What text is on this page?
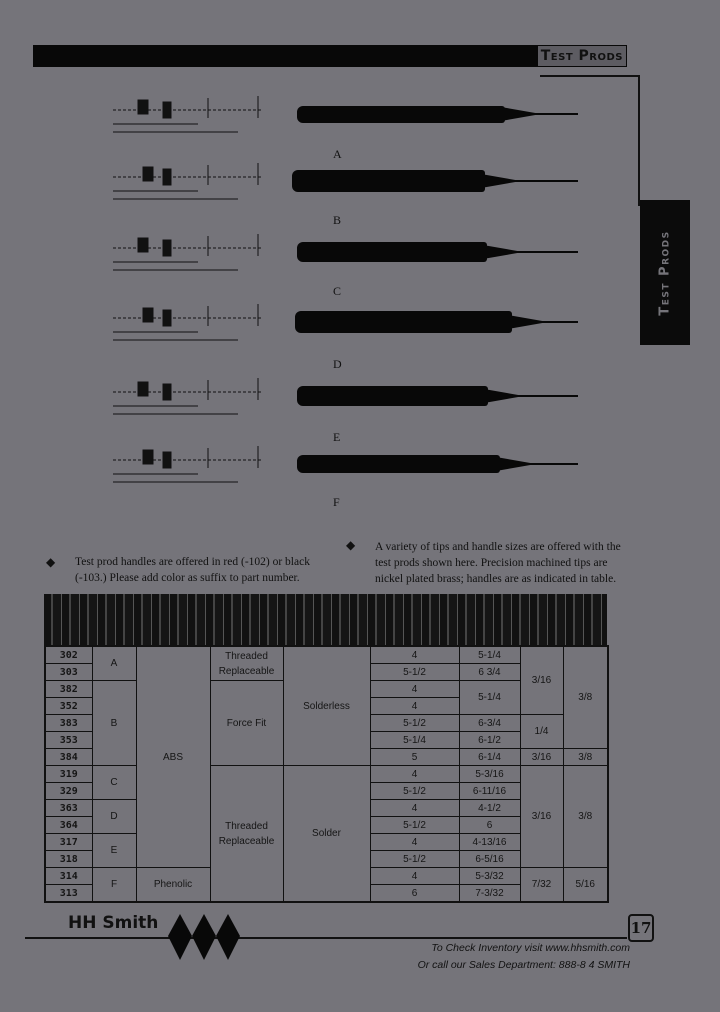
Test Prods
Test Prods
A
B
C
D
E
F
◆ Test prod handles are offered in red (-102) or black
(-103.) Please add color as suffix to part number.
◆ A variety of tips and handle sizes are offered with the
test prods shown here. Precision machined tips are
nickel plated brass; handles are as indicated in table.
302	A	ABS	Threaded Replaceable	Solderless	4	5-1/4	3/16	3/8
303					5-1/2	6 3/4		
382	B		Force Fit		4	5-1/4		
352					4			
383					5-1/2	6-3/4	1/4	
353					5-1/4	6-1/2		
384					5	6-1/4	3/16	3/8
319	C		Threaded Replaceable	Solder	4	5-3/16	3/16	3/8
329					5-1/2	6-11/16		
363	D				4	4-1/2		
364					5-1/2	6		
317	E				4	4-13/16		
318					5-1/2	6-5/16		
314	F	Phenolic			4	5-3/32	7/32	5/16
313					6	7-3/32		
HH Smith	17
To Check Inventory visit www.hhsmith.com
Or call our Sales Department: 888-8 4 SMITH
